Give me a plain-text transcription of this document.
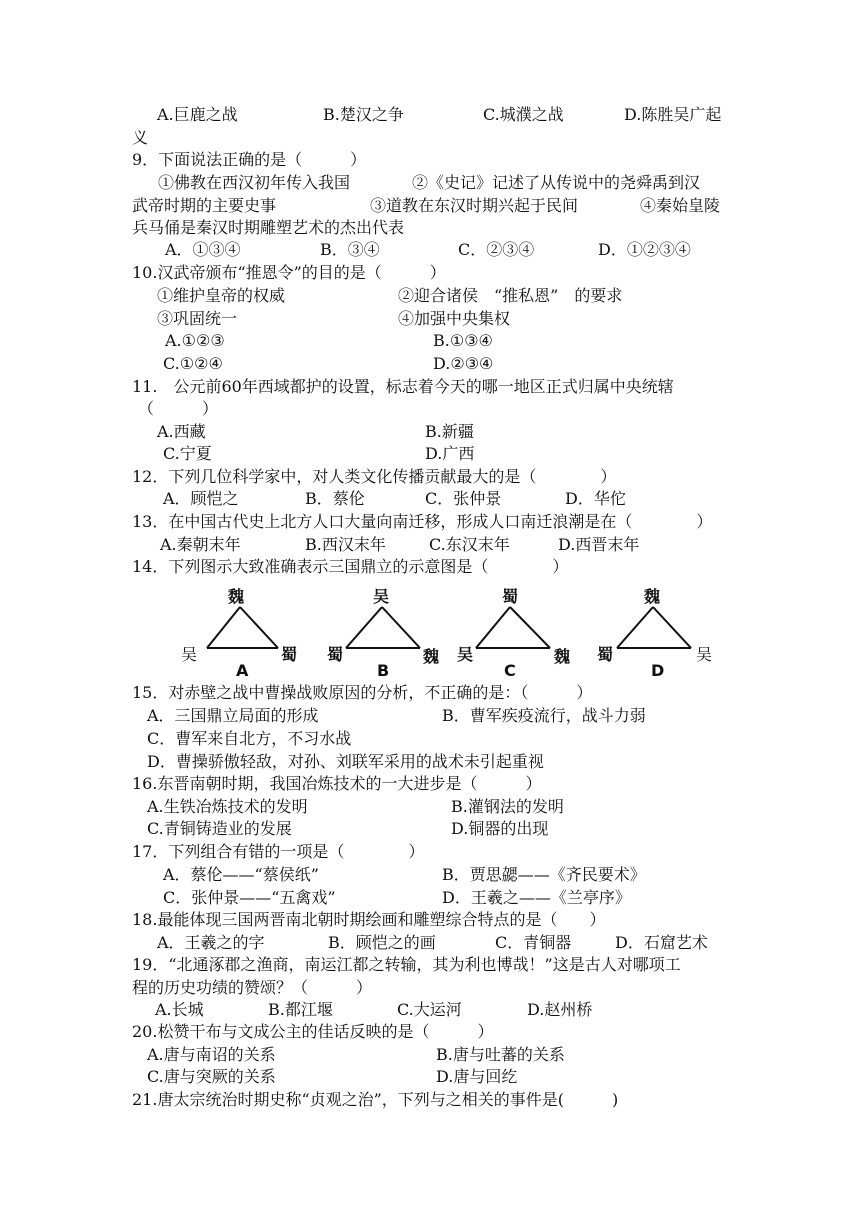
A.巨鹿之战	B.楚汉之争	C.城濮之战	D.陈胜吴广起
义
9．下面说法正确的是（　　　）
①佛教在西汉初年传入我国	②《史记》记述了从传说中的尧舜禹到汉
武帝时期的主要史事	③道教在东汉时期兴起于民间	④秦始皇陵
兵马俑是秦汉时期雕塑艺术的杰出代表
A．①③④	B．③④	C．②③④	D．①②③④
10.汉武帝颁布“推恩令”的目的是（　　　）
①维护皇帝的权威	②迎合诸侯　“推私恩”　的要求
③巩固统一	④加强中央集权
A.①②③	B.①③④
C.①②④	D.②③④
11.　公元前60年西域都护的设置，标志着今天的哪一地区正式归属中央统辖
（　　　）
A.西藏	B.新疆
C.宁夏	D.广西
12．下列几位科学家中，对人类文化传播贡献最大的是（　　　　）
A．顾恺之	B．蔡伦	C．张仲景	D．华佗
13．在中国古代史上北方人口大量向南迁移，形成人口南迁浪潮是在（　　　　）
A.秦朝末年	B.西汉末年	C.东汉末年	D.西晋末年
14．下列图示大致准确表示三国鼎立的示意图是（　　　　）
魏
吴	蜀
A
吴
蜀	魏
B
蜀
吴	魏
C
魏
蜀	吴
D
15．对赤壁之战中曹操战败原因的分析，不正确的是：（　　　）
A．三国鼎立局面的形成	B．曹军疾疫流行，战斗力弱
C．曹军来自北方，不习水战
D．曹操骄傲轻敌，对孙、刘联军采用的战术未引起重视
16.东晋南朝时期，我国冶炼技术的一大进步是（　　　）
A.生铁冶炼技术的发明	B.灌钢法的发明
C.青铜铸造业的发展	D.铜器的出现
17．下列组合有错的一项是（　　　　）
A．蔡伦——“蔡侯纸”	B．贾思勰——《齐民要术》
C．张仲景——“五禽戏”	D．王羲之——《兰亭序》
18.最能体现三国两晋南北朝时期绘画和雕塑综合特点的是（　　）
A．王羲之的字	B．顾恺之的画	C．青铜器	D．石窟艺术
19．“北通涿郡之渔商，南运江都之转输，其为利也博哉！”这是古人对哪项工
程的历史功绩的赞颂？（　　　）
A.长城	B.都江堰	C.大运河	D.赵州桥
20.松赞干布与文成公主的佳话反映的是（　　　）
A.唐与南诏的关系	B.唐与吐蕃的关系
C.唐与突厥的关系	D.唐与回纥
21.唐太宗统治时期史称“贞观之治”，下列与之相关的事件是(　　　)
